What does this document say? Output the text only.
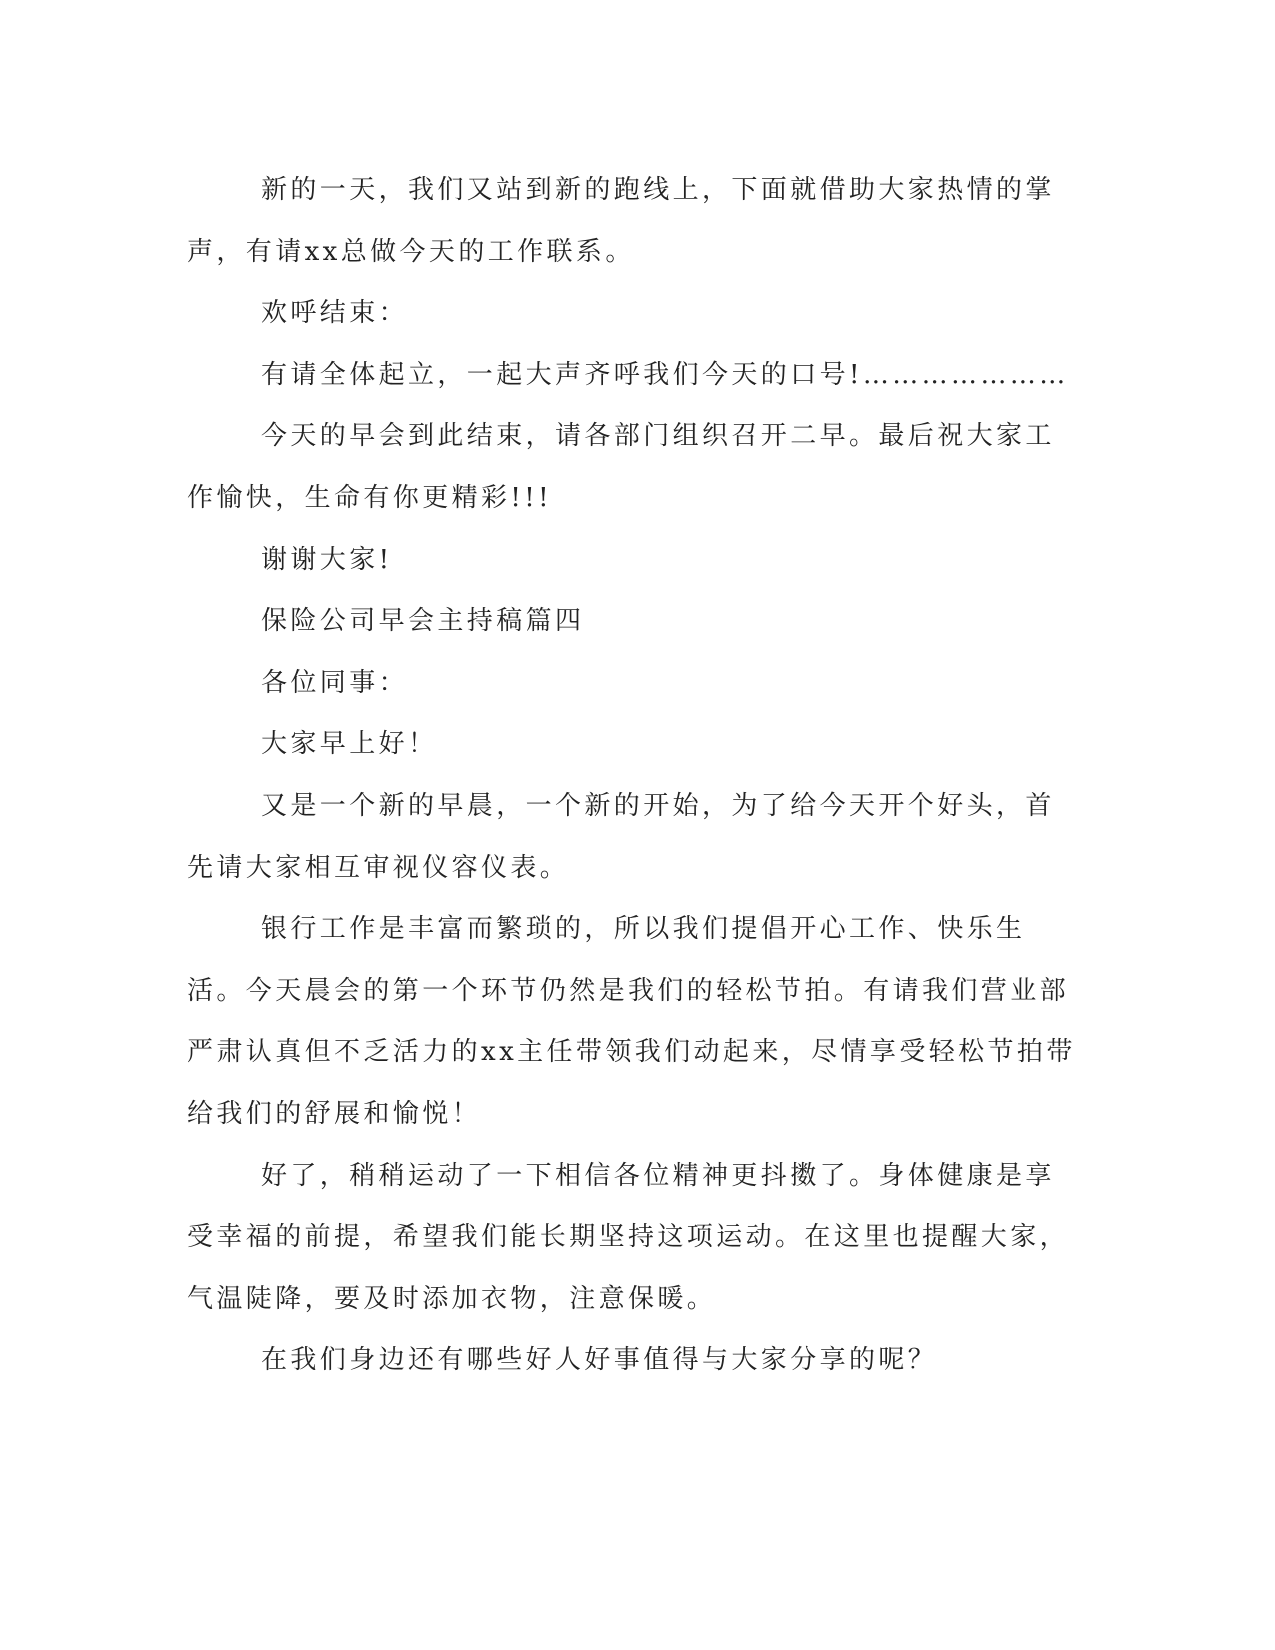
新的一天，我们又站到新的跑线上，下面就借助大家热情的掌声，有请xx总做今天的工作联系。

欢呼结束：

有请全体起立，一起大声齐呼我们今天的口号!…………………

今天的早会到此结束，请各部门组织召开二早。最后祝大家工作愉快，生命有你更精彩!!!

谢谢大家!

保险公司早会主持稿篇四

各位同事：

大家早上好！

又是一个新的早晨，一个新的开始，为了给今天开个好头，首先请大家相互审视仪容仪表。

银行工作是丰富而繁琐的，所以我们提倡开心工作、快乐生活。今天晨会的第一个环节仍然是我们的轻松节拍。有请我们营业部严肃认真但不乏活力的xx主任带领我们动起来，尽情享受轻松节拍带给我们的舒展和愉悦！

好了，稍稍运动了一下相信各位精神更抖擞了。身体健康是享受幸福的前提，希望我们能长期坚持这项运动。在这里也提醒大家，气温陡降，要及时添加衣物，注意保暖。

在我们身边还有哪些好人好事值得与大家分享的呢？
